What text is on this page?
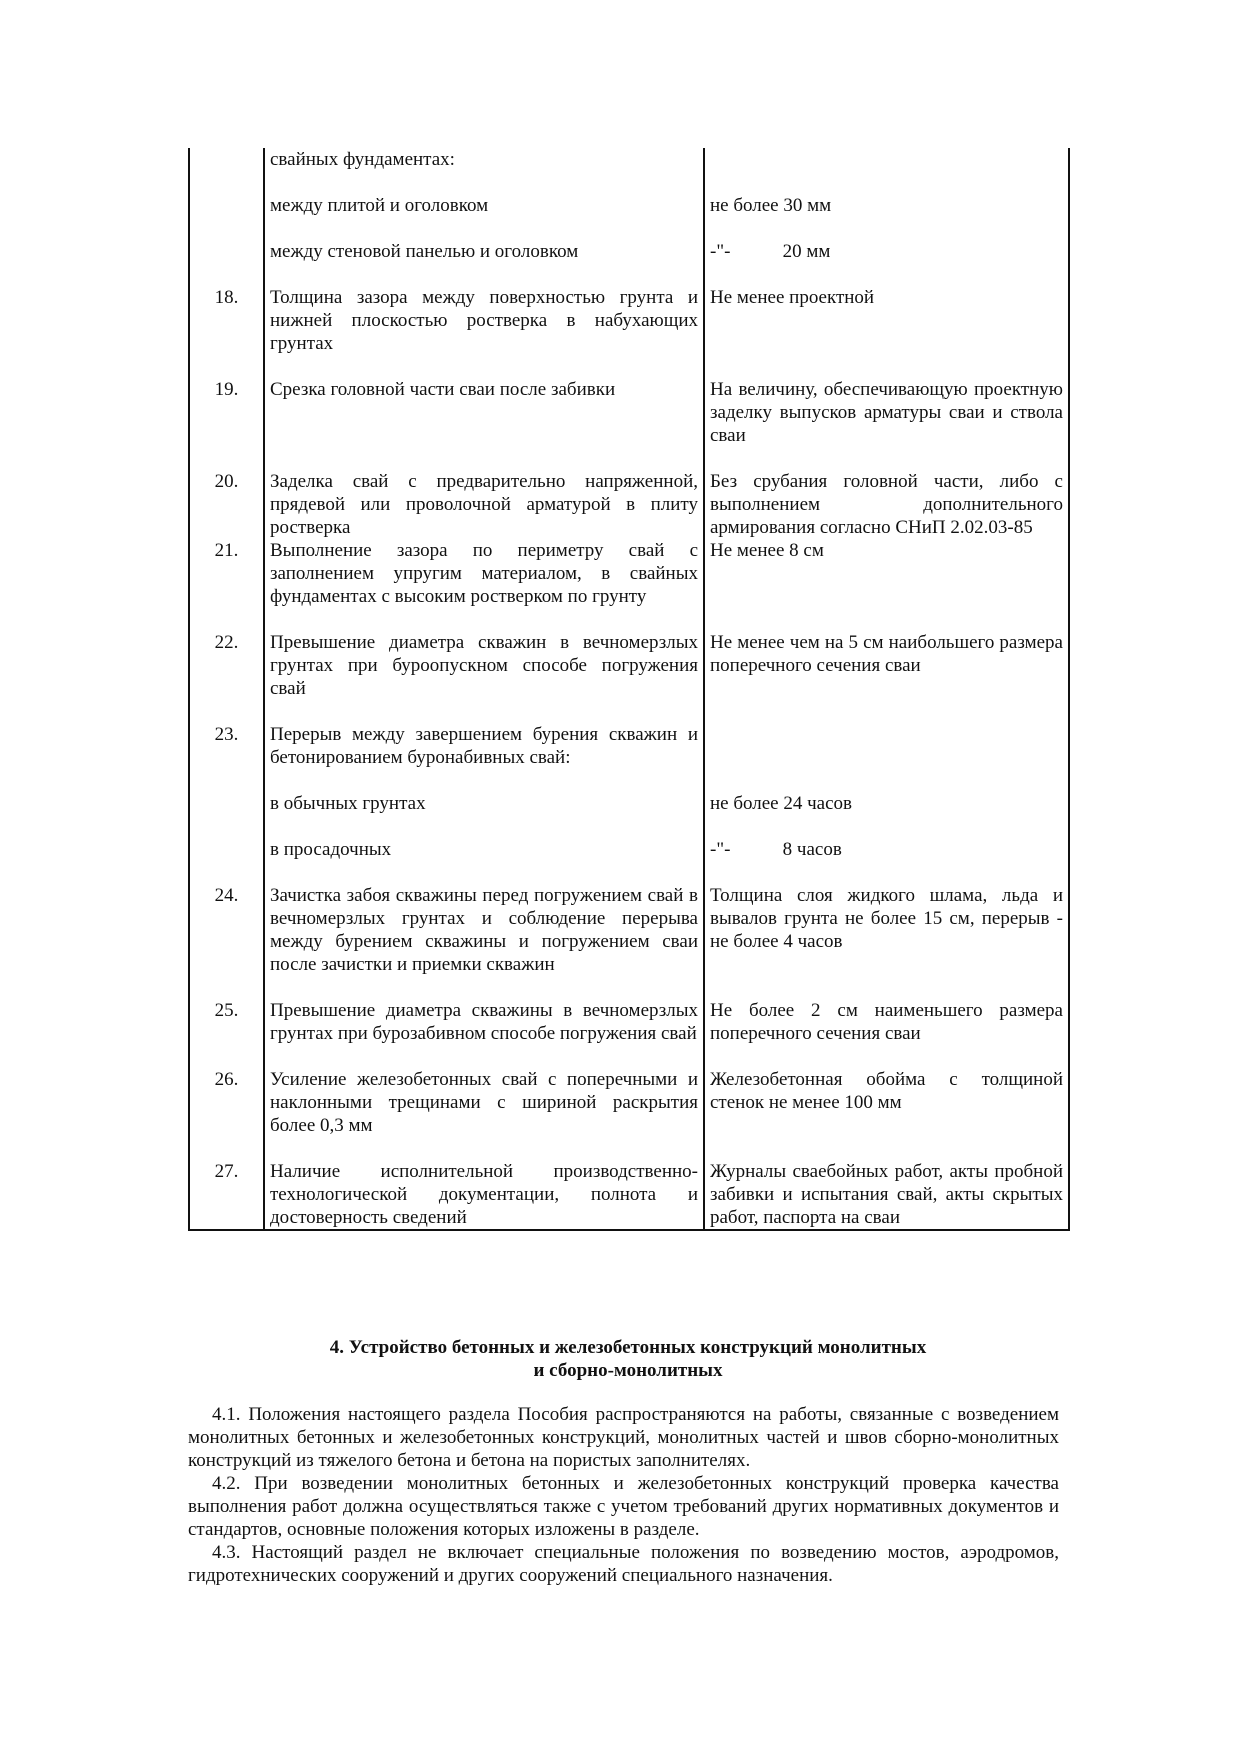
	свайных фундаментах:	

	между плитой и оголовком	не более 30 мм

	между стеновой панелью и оголовком	-"-           20 мм

18.	Толщина зазора между поверхностью грунта и нижней плоскостью ростверка в набухающих грунтах	Не менее проектной

19.	Срезка головной части сваи после забивки	На величину, обеспечивающую проектную заделку выпусков арматуры сваи и ствола сваи

20.	Заделка свай с предварительно напряженной, прядевой или проволочной арматурой в плиту ростверка	Без срубания головной части, либо с выполнением дополнительного армирования согласно СНиП 2.02.03-85

21.	Выполнение зазора по периметру свай с заполнением упругим материалом, в свайных фундаментах с высоким ростверком по грунту	Не менее 8 см

22.	Превышение диаметра скважин в вечномерзлых грунтах при буроопускном способе погружения свай	Не менее чем на 5 см наибольшего размера поперечного сечения сваи

23.	Перерыв между завершением бурения скважин и бетонированием буронабивных свай:	

	в обычных грунтах	не более 24 часов

	в просадочных	-"-           8 часов

24.	Зачистка забоя скважины перед погружением свай в вечномерзлых грунтах и соблюдение перерыва между бурением скважины и погружением сваи после зачистки и приемки скважин	Толщина слоя жидкого шлама, льда и вывалов грунта не более 15 см, перерыв - не более 4 часов

25.	Превышение диаметра скважины в вечномерзлых грунтах при бурозабивном способе погружения свай	Не более 2 см наименьшего размера поперечного сечения сваи

26.	Усиление железобетонных свай с поперечными и наклонными трещинами с шириной раскрытия более 0,3 мм	Железобетонная обойма с толщиной стенок не менее 100 мм

27.	Наличие исполнительной производственно-технологической документации, полнота и достоверность сведений	Журналы сваебойных работ, акты пробной забивки и испытания свай, акты скрытых работ, паспорта на сваи
4. Устройство бетонных и железобетонных конструкций монолитных
и сборно-монолитных

4.1. Положения настоящего раздела Пособия распространяются на работы, связанные с возведением монолитных бетонных и железобетонных конструкций, монолитных частей и швов сборно-монолитных конструкций из тяжелого бетона и бетона на пористых заполнителях.

4.2. При возведении монолитных бетонных и железобетонных конструкций проверка качества выполнения работ должна осуществляться также с учетом требований других нормативных документов и стандартов, основные положения которых изложены в разделе.

4.3. Настоящий раздел не включает специальные положения по возведению мостов, аэродромов, гидротехнических сооружений и других сооружений специального назначения.
